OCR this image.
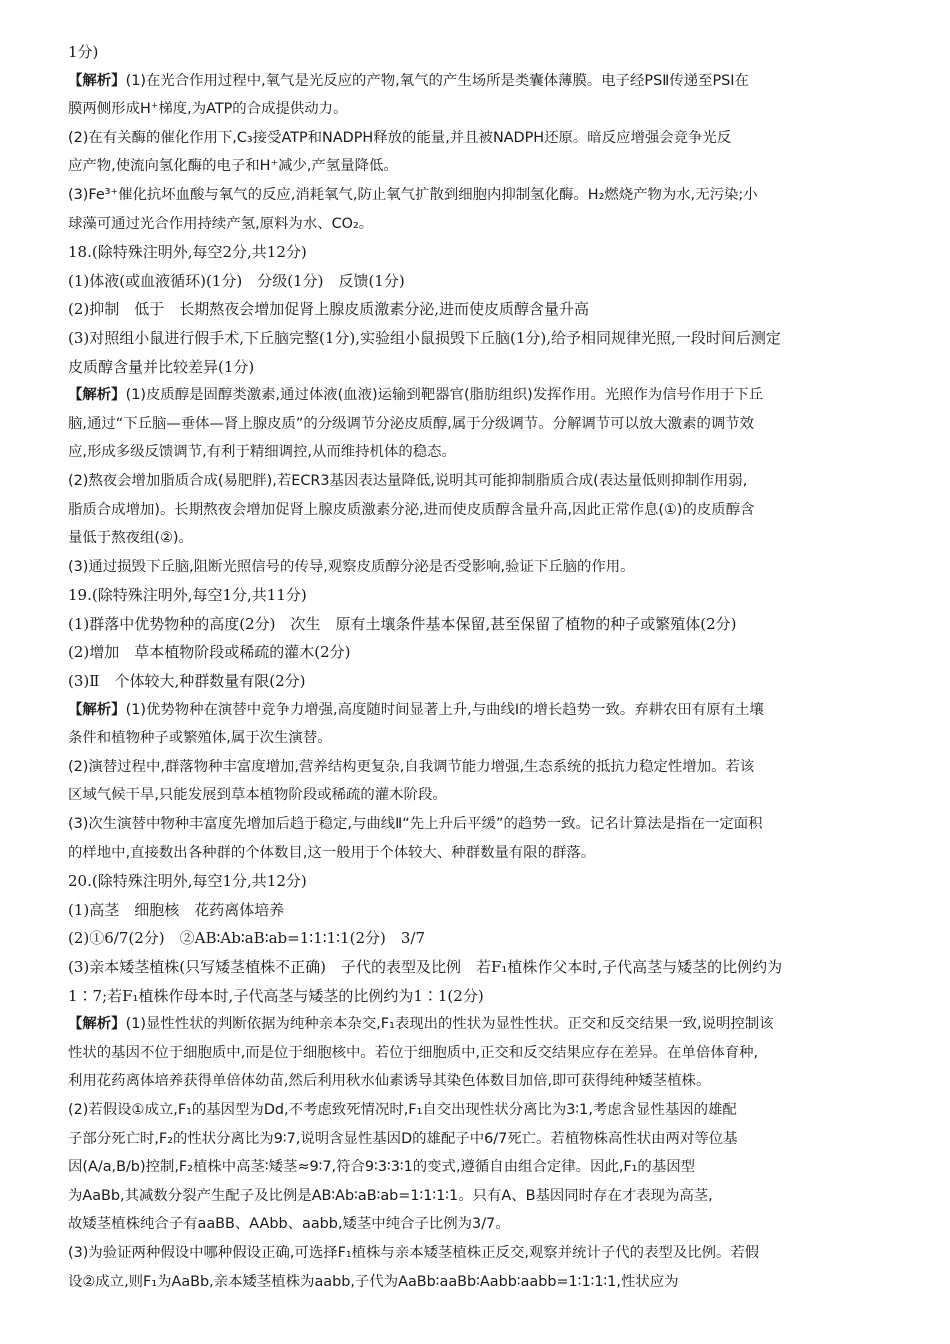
1分)
【解析】(1)在光合作用过程中,氧气是光反应的产物,氧气的产生场所是类囊体薄膜。电子经PSⅡ传递至PSⅠ在
膜两侧形成H⁺梯度,为ATP的合成提供动力。
(2)在有关酶的催化作用下,C₃接受ATP和NADPH释放的能量,并且被NADPH还原。暗反应增强会竞争光反
应产物,使流向氢化酶的电子和H⁺减少,产氢量降低。
(3)Fe³⁺催化抗坏血酸与氧气的反应,消耗氧气,防止氧气扩散到细胞内抑制氢化酶。H₂燃烧产物为水,无污染;小
球藻可通过光合作用持续产氢,原料为水、CO₂。
18.(除特殊注明外,每空2分,共12分)
(1)体液(或血液循环)(1分)　分级(1分)　反馈(1分)
(2)抑制　低于　长期熬夜会增加促肾上腺皮质激素分泌,进而使皮质醇含量升高
(3)对照组小鼠进行假手术,下丘脑完整(1分),实验组小鼠损毁下丘脑(1分),给予相同规律光照,一段时间后测定
皮质醇含量并比较差异(1分)
【解析】(1)皮质醇是固醇类激素,通过体液(血液)运输到靶器官(脂肪组织)发挥作用。光照作为信号作用于下丘
脑,通过“下丘脑—垂体—肾上腺皮质”的分级调节分泌皮质醇,属于分级调节。分解调节可以放大激素的调节效
应,形成多级反馈调节,有利于精细调控,从而维持机体的稳态。
(2)熬夜会增加脂质合成(易肥胖),若ECR3基因表达量降低,说明其可能抑制脂质合成(表达量低则抑制作用弱,
脂质合成增加)。长期熬夜会增加促肾上腺皮质激素分泌,进而使皮质醇含量升高,因此正常作息(①)的皮质醇含
量低于熬夜组(②)。
(3)通过损毁下丘脑,阻断光照信号的传导,观察皮质醇分泌是否受影响,验证下丘脑的作用。
19.(除特殊注明外,每空1分,共11分)
(1)群落中优势物种的高度(2分)　次生　原有土壤条件基本保留,甚至保留了植物的种子或繁殖体(2分)
(2)增加　草本植物阶段或稀疏的灌木(2分)
(3)Ⅱ　个体较大,种群数量有限(2分)
【解析】(1)优势物种在演替中竞争力增强,高度随时间显著上升,与曲线Ⅰ的增长趋势一致。弃耕农田有原有土壤
条件和植物种子或繁殖体,属于次生演替。
(2)演替过程中,群落物种丰富度增加,营养结构更复杂,自我调节能力增强,生态系统的抵抗力稳定性增加。若该
区域气候干旱,只能发展到草本植物阶段或稀疏的灌木阶段。
(3)次生演替中物种丰富度先增加后趋于稳定,与曲线Ⅱ“先上升后平缓”的趋势一致。记名计算法是指在一定面积
的样地中,直接数出各种群的个体数目,这一般用于个体较大、种群数量有限的群落。
20.(除特殊注明外,每空1分,共12分)
(1)高茎　细胞核　花药离体培养
(2)①6/7(2分)　②AB∶Ab∶aB∶ab=1∶1∶1∶1(2分)　3/7
(3)亲本矮茎植株(只写矮茎植株不正确)　子代的表型及比例　若F₁植株作父本时,子代高茎与矮茎的比例约为
1∶7;若F₁植株作母本时,子代高茎与矮茎的比例约为1∶1(2分)
【解析】(1)显性性状的判断依据为纯种亲本杂交,F₁表现出的性状为显性性状。正交和反交结果一致,说明控制该
性状的基因不位于细胞质中,而是位于细胞核中。若位于细胞质中,正交和反交结果应存在差异。在单倍体育种,
利用花药离体培养获得单倍体幼苗,然后利用秋水仙素诱导其染色体数目加倍,即可获得纯种矮茎植株。
(2)若假设①成立,F₁的基因型为Dd,不考虑致死情况时,F₁自交出现性状分离比为3∶1,考虑含显性基因的雄配
子部分死亡时,F₂的性状分离比为9∶7,说明含显性基因D的雄配子中6/7死亡。若植物株高性状由两对等位基
因(A/a,B/b)控制,F₂植株中高茎∶矮茎≈9∶7,符合9∶3∶3∶1的变式,遵循自由组合定律。因此,F₁的基因型
为AaBb,其减数分裂产生配子及比例是AB∶Ab∶aB∶ab=1∶1∶1∶1。只有A、B基因同时存在才表现为高茎,
故矮茎植株纯合子有aaBB、AAbb、aabb,矮茎中纯合子比例为3/7。
(3)为验证两种假设中哪种假设正确,可选择F₁植株与亲本矮茎植株正反交,观察并统计子代的表型及比例。若假
设②成立,则F₁为AaBb,亲本矮茎植株为aabb,子代为AaBb∶aaBb∶Aabb∶aabb=1∶1∶1∶1,性状应为
